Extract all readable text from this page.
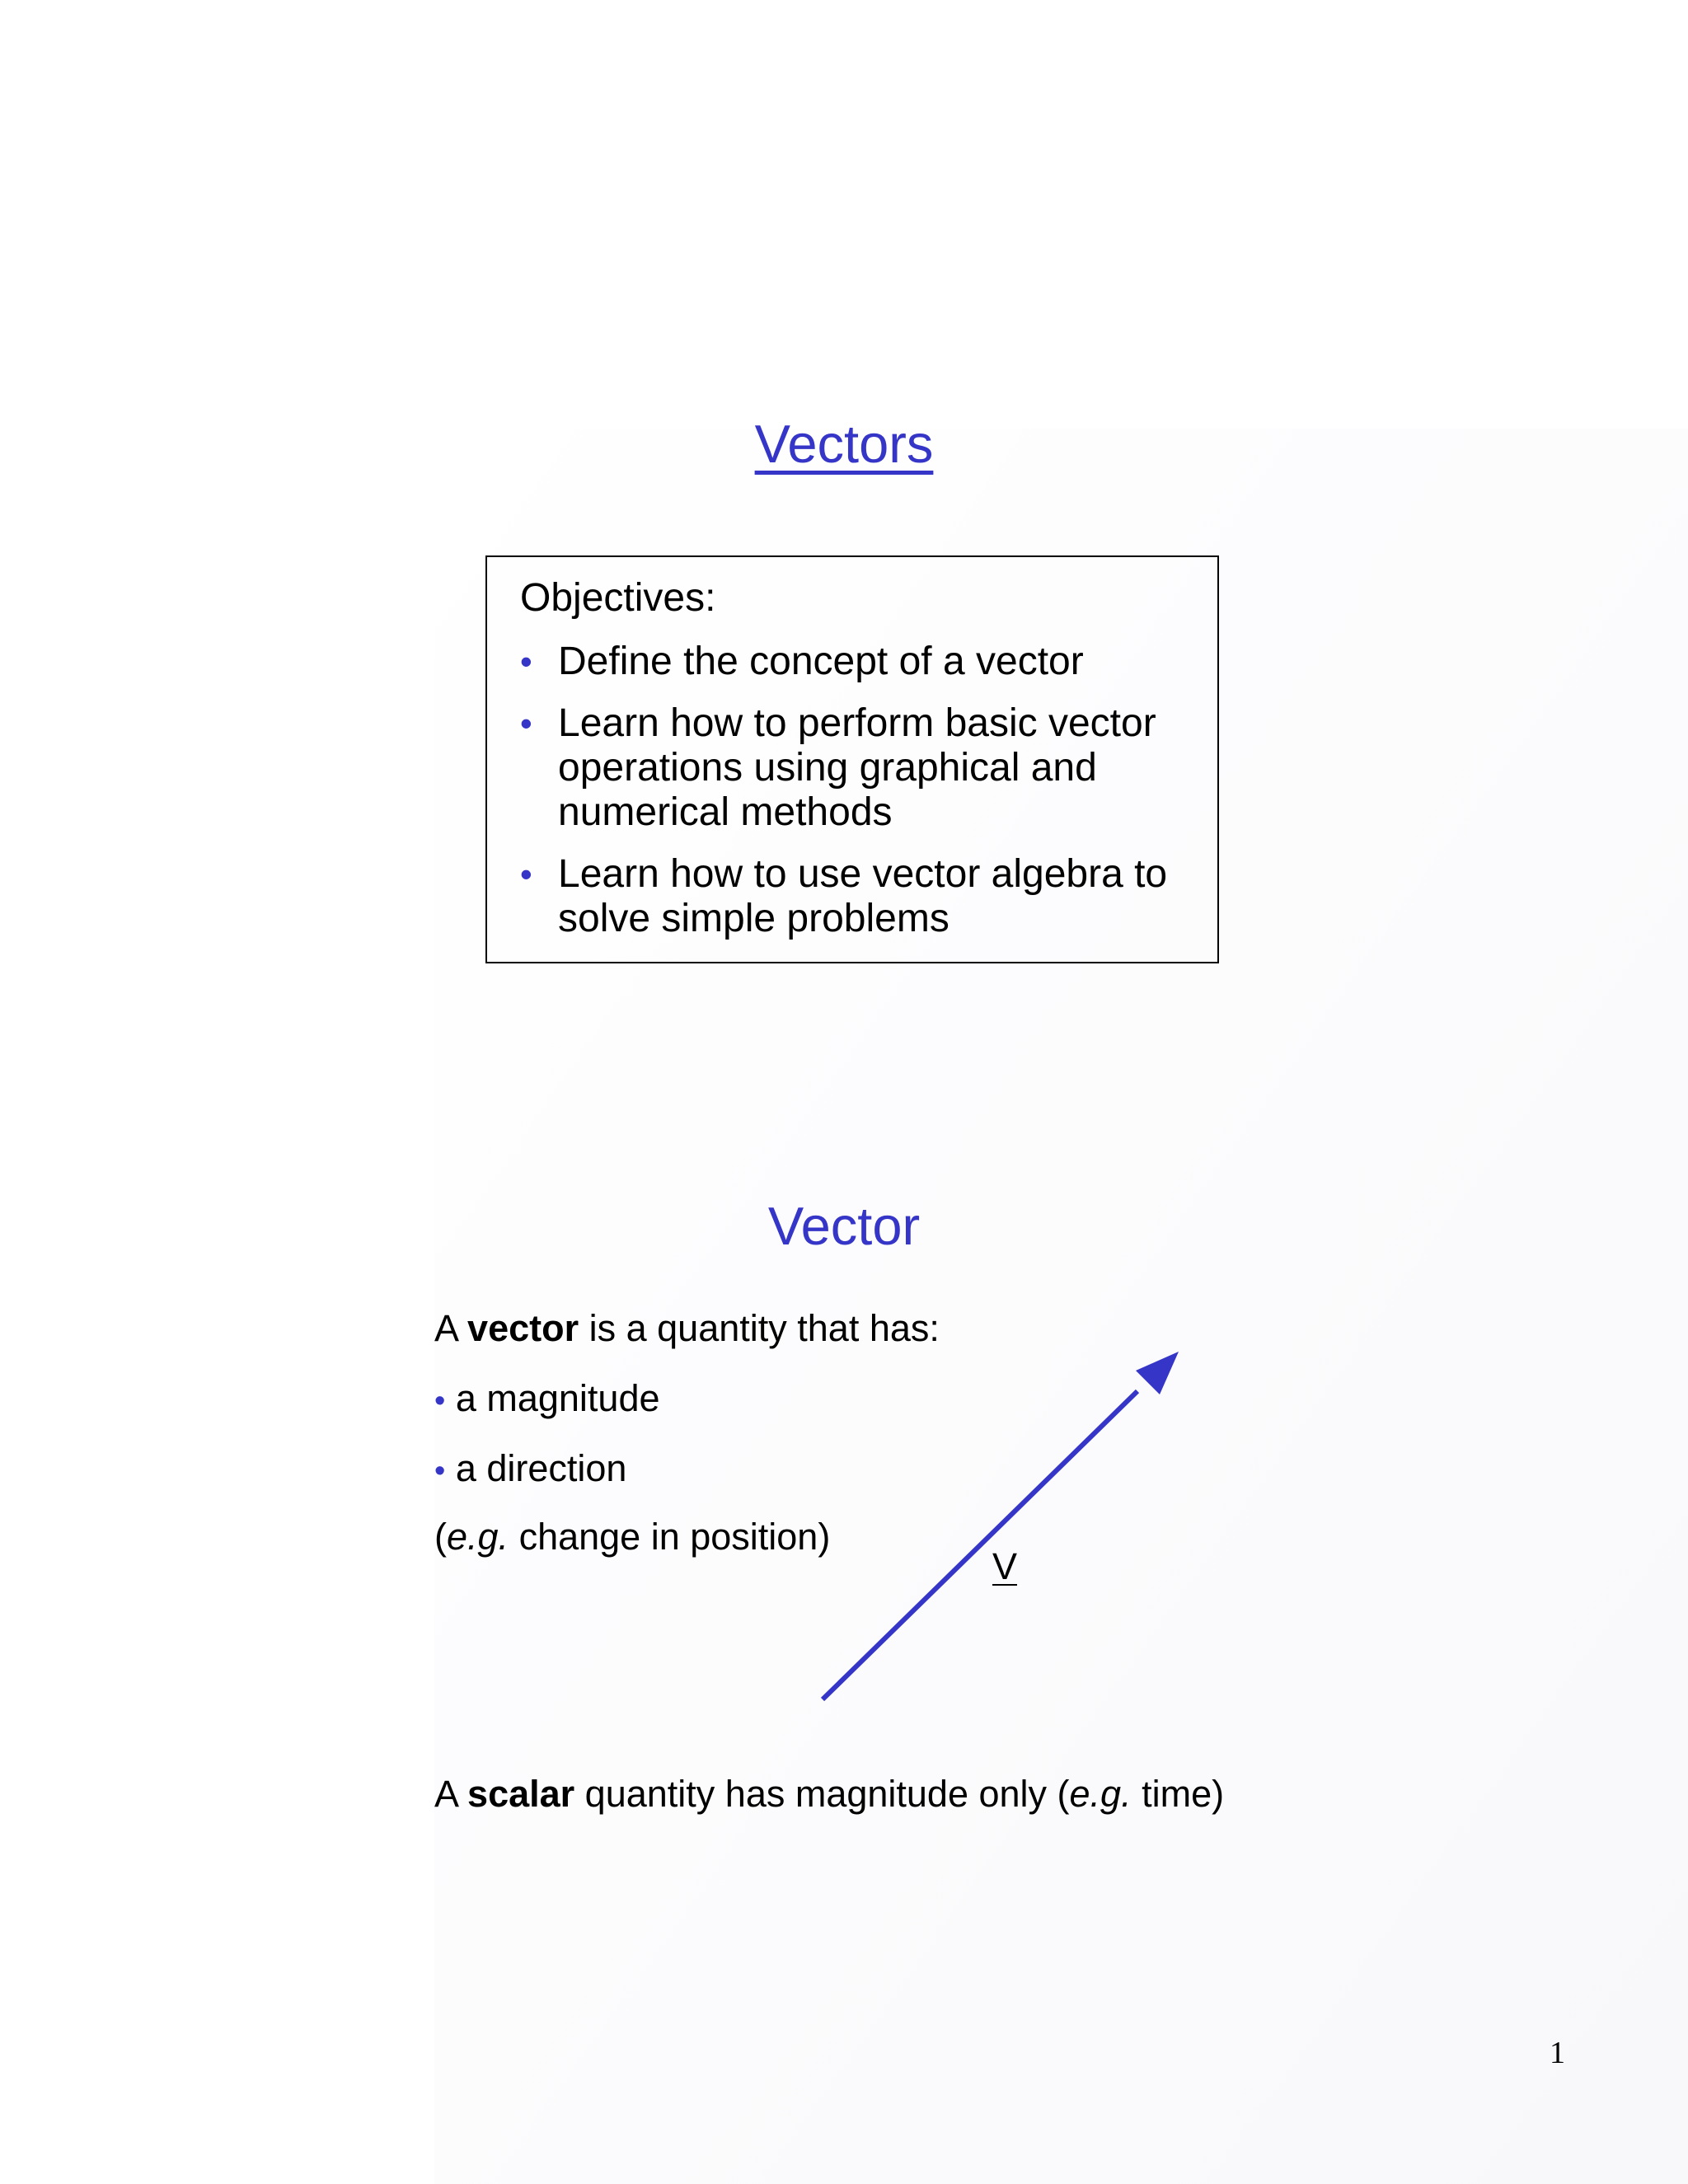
Vectors
Objectives:
• Define the concept of a vector
• Learn how to perform basic vector operations using graphical and numerical methods
• Learn how to use vector algebra to solve simple problems
Vector
A vector is a quantity that has:
• a magnitude
• a direction
(e.g. change in position)
V
A scalar quantity has magnitude only (e.g. time)
1
